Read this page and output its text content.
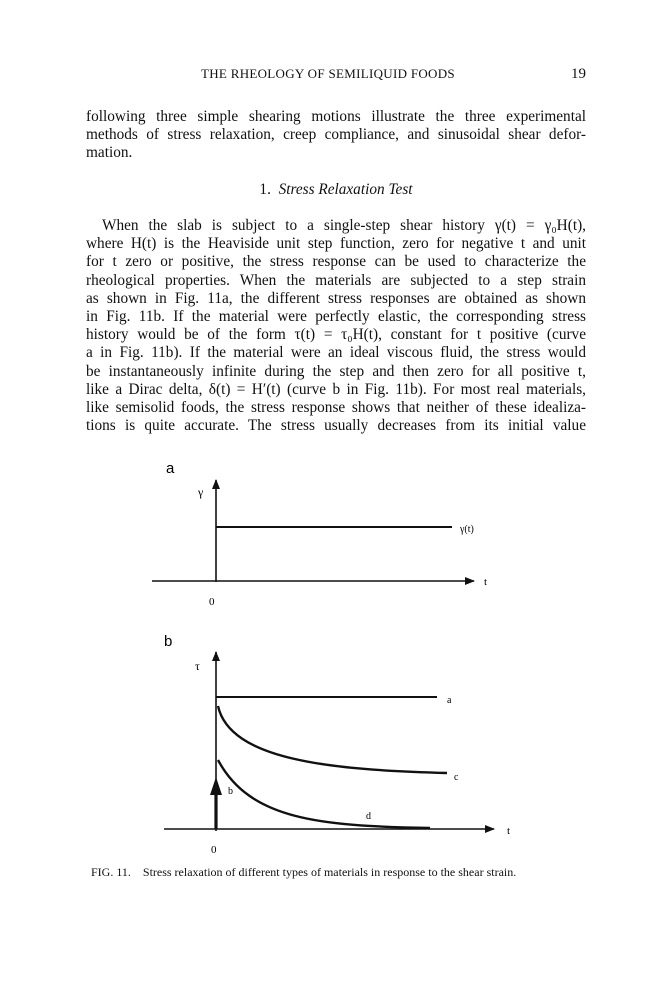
THE RHEOLOGY OF SEMILIQUID FOODS	19

following three simple shearing motions illustrate the three experimental
methods of stress relaxation, creep compliance, and sinusoidal shear defor-
mation.

1. Stress Relaxation Test

When the slab is subject to a single-step shear history γ(t) = γ₀H(t),
where H(t) is the Heaviside unit step function, zero for negative t and unit
for t zero or positive, the stress response can be used to characterize the
rheological properties. When the materials are subjected to a step strain
as shown in Fig. 11a, the different stress responses are obtained as shown
in Fig. 11b. If the material were perfectly elastic, the corresponding stress
history would be of the form τ(t) = τ₀H(t), constant for t positive (curve
a in Fig. 11b). If the material were an ideal viscous fluid, the stress would
be instantaneously infinite during the step and then zero for all positive t,
like a Dirac delta, δ(t) = H′(t) (curve b in Fig. 11b). For most real materials,
like semisolid foods, the stress response shows that neither of these idealiza-
tions is quite accurate. The stress usually decreases from its initial value

a
γ
t
0
γ(t)
b
τ
t
0
a
b
c
d
FIG. 11. Stress relaxation of different types of materials in response to the shear strain.
